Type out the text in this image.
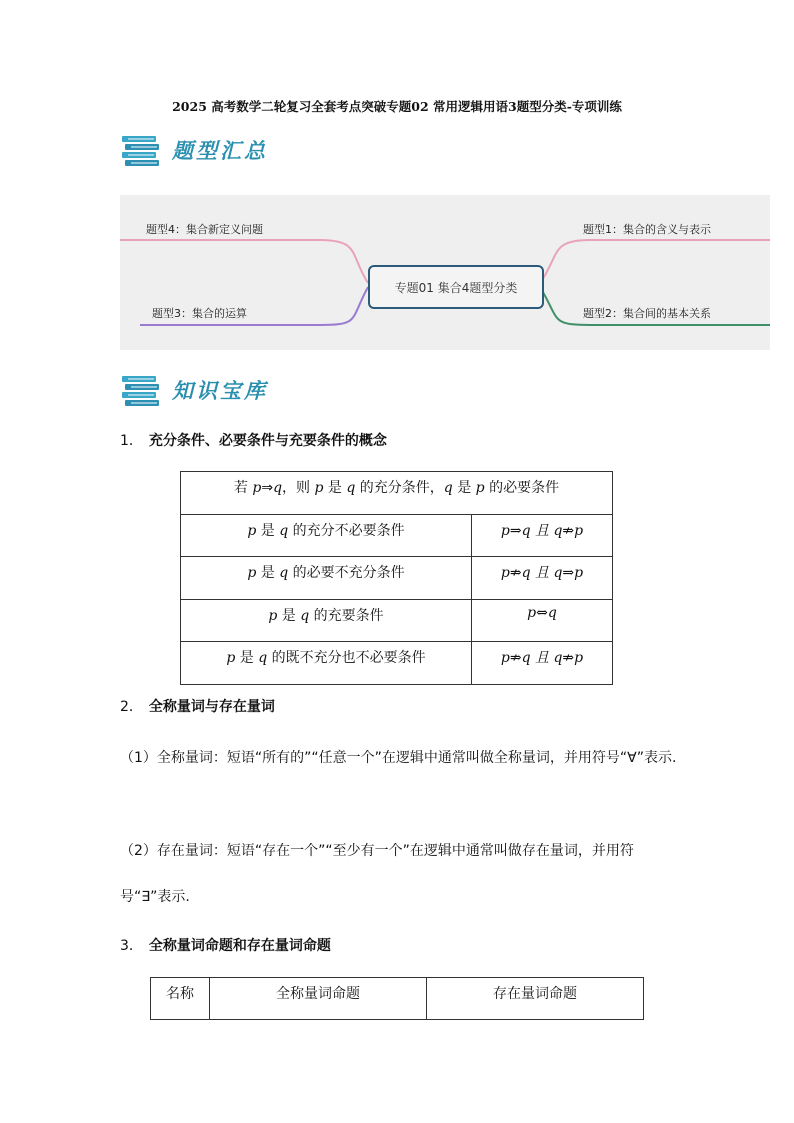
2025 高考数学二轮复习全套考点突破专题02 常用逻辑用语3题型分类-专项训练
题型汇总
专题01 集合4题型分类
题型4：集合新定义问题
题型3：集合的运算
题型1：集合的含义与表示
题型2：集合间的基本关系
知识宝库
1． 充分条件、必要条件与充要条件的概念
若 p⇒q，则 p 是 q 的充分条件，q 是 p 的必要条件	
p 是 q 的充分不必要条件	p⇒q 且 q⇏p
p 是 q 的必要不充分条件	p⇏q 且 q⇒p
p 是 q 的充要条件	p⇔q
p 是 q 的既不充分也不必要条件	p⇏q 且 q⇏p
2． 全称量词与存在量词
（1）全称量词：短语“所有的”“任意一个”在逻辑中通常叫做全称量词，并用符号“∀”表示.
（2）存在量词：短语“存在一个”“至少有一个”在逻辑中通常叫做存在量词，并用符号“∃”表示.
3． 全称量词命题和存在量词命题
名称	全称量词命题	存在量词命题
